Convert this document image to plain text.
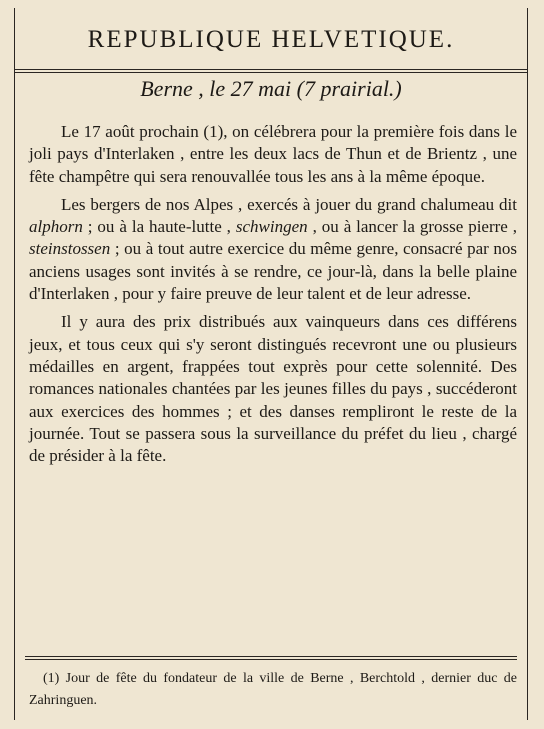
REPUBLIQUE HELVETIQUE.
Berne , le 27 mai (7 prairial.)

Le 17 août prochain (1), on célébrera pour la première fois dans le joli pays d'Interlaken , entre les deux lacs de Thun et de Brientz , une fête champêtre qui sera renouvallée tous les ans à la même époque.

Les bergers de nos Alpes , exercés à jouer du grand chalumeau dit alphorn ; ou à la haute-lutte , schwingen , ou à lancer la grosse pierre , steinstossen ; ou à tout autre exercice du même genre, consacré par nos anciens usages sont invités à se rendre, ce jour-là, dans la belle plaine d'Interlaken , pour y faire preuve de leur talent et de leur adresse.

Il y aura des prix distribués aux vainqueurs dans ces différens jeux, et tous ceux qui s'y seront distingués recevront une ou plusieurs médailles en argent, frappées tout exprès pour cette solennité. Des romances nationales chantées par les jeunes filles du pays , succéderont aux exercices des hommes ; et des danses rempliront le reste de la journée. Tout se passera sous la surveillance du préfet du lieu , chargé de présider à la fête.

(1) Jour de fête du fondateur de la ville de Berne , Berchtold , dernier duc de Zahringuen.
